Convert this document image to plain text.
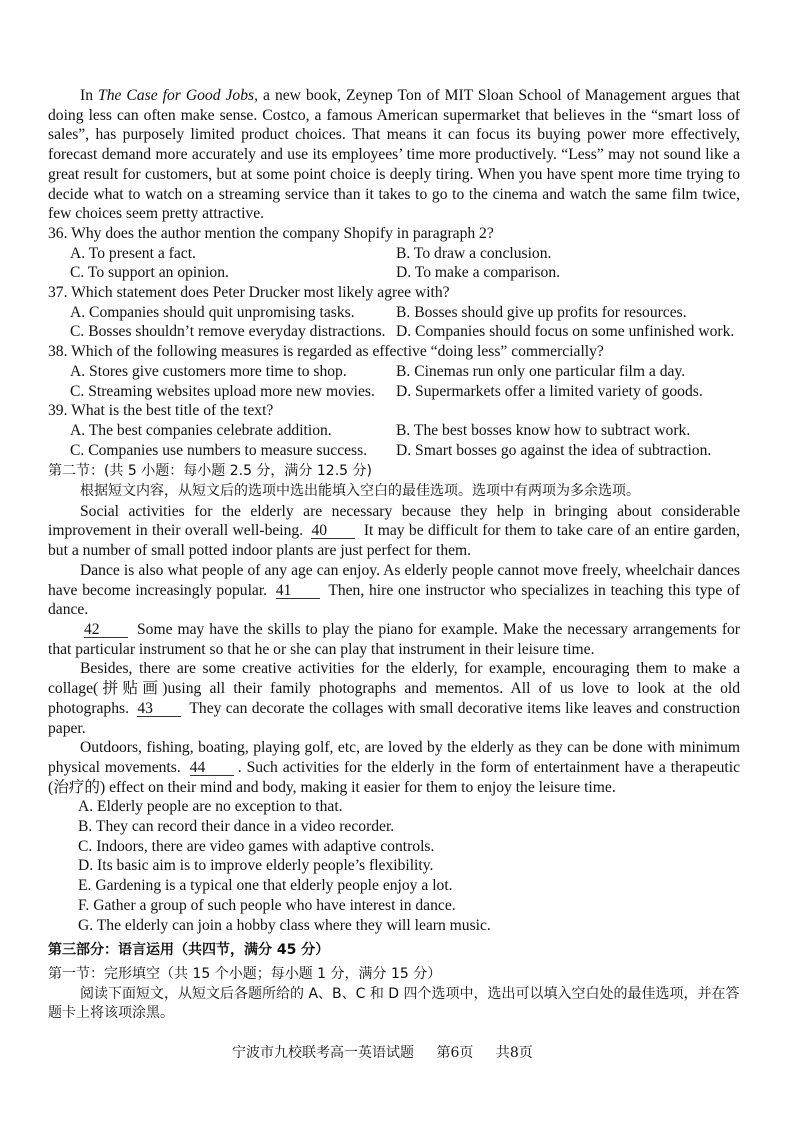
In The Case for Good Jobs, a new book, Zeynep Ton of MIT Sloan School of Management argues that doing less can often make sense. Costco, a famous American supermarket that believes in the “smart loss of sales”, has purposely limited product choices. That means it can focus its buying power more effectively, forecast demand more accurately and use its employees’ time more productively. “Less” may not sound like a great result for customers, but at some point choice is deeply tiring. When you have spent more time trying to decide what to watch on a streaming service than it takes to go to the cinema and watch the same film twice, few choices seem pretty attractive.

36. Why does the author mention the company Shopify in paragraph 2?

A. To present a fact.	B. To draw a conclusion.
C. To support an opinion.	D. To make a comparison.

37. Which statement does Peter Drucker most likely agree with?

A. Companies should quit unpromising tasks.	B. Bosses should give up profits for resources.
C. Bosses shouldn’t remove everyday distractions. D. Companies should focus on some unfinished work.

38. Which of the following measures is regarded as effective “doing less” commercially?

A. Stores give customers more time to shop.	B. Cinemas run only one particular film a day.
C. Streaming websites upload more new movies.	D. Supermarkets offer a limited variety of goods.

39. What is the best title of the text?

A. The best companies celebrate addition.	B. The best bosses know how to subtract work.
C. Companies use numbers to measure success.	D. Smart bosses go against the idea of subtraction.

第二节：(共 5 小题：每小题 2.5 分，满分 12.5 分)

根据短文内容，从短文后的选项中选出能填入空白的最佳选项。选项中有两项为多余选项。

Social activities for the elderly are necessary because they help in bringing about considerable improvement in their overall well-being. 40 It may be difficult for them to take care of an entire garden, but a number of small potted indoor plants are just perfect for them.

Dance is also what people of any age can enjoy. As elderly people cannot move freely, wheelchair dances have become increasingly popular. 41 Then, hire one instructor who specializes in teaching this type of dance.

42 Some may have the skills to play the piano for example. Make the necessary arrangements for that particular instrument so that he or she can play that instrument in their leisure time.

Besides, there are some creative activities for the elderly, for example, encouraging them to make a collage(拼贴画)using all their family photographs and mementos. All of us love to look at the old photographs. 43 They can decorate the collages with small decorative items like leaves and construction paper.

Outdoors, fishing, boating, playing golf, etc, are loved by the elderly as they can be done with minimum physical movements. 44 . Such activities for the elderly in the form of entertainment have a therapeutic (治疗的) effect on their mind and body, making it easier for them to enjoy the leisure time.

A. Elderly people are no exception to that.

B. They can record their dance in a video recorder.

C. Indoors, there are video games with adaptive controls.

D. Its basic aim is to improve elderly people’s flexibility.

E. Gardening is a typical one that elderly people enjoy a lot.

F. Gather a group of such people who have interest in dance.

G. The elderly can join a hobby class where they will learn music.

第三部分：语言运用（共四节，满分 45 分）

第一节：完形填空（共 15 个小题；每小题 1 分，满分 15 分）

阅读下面短文，从短文后各题所给的 A、B、C 和 D 四个选项中，选出可以填入空白处的最佳选项，并在答题卡上将该项涂黑。

宁波市九校联考高一英语试题 第6页 共8页
